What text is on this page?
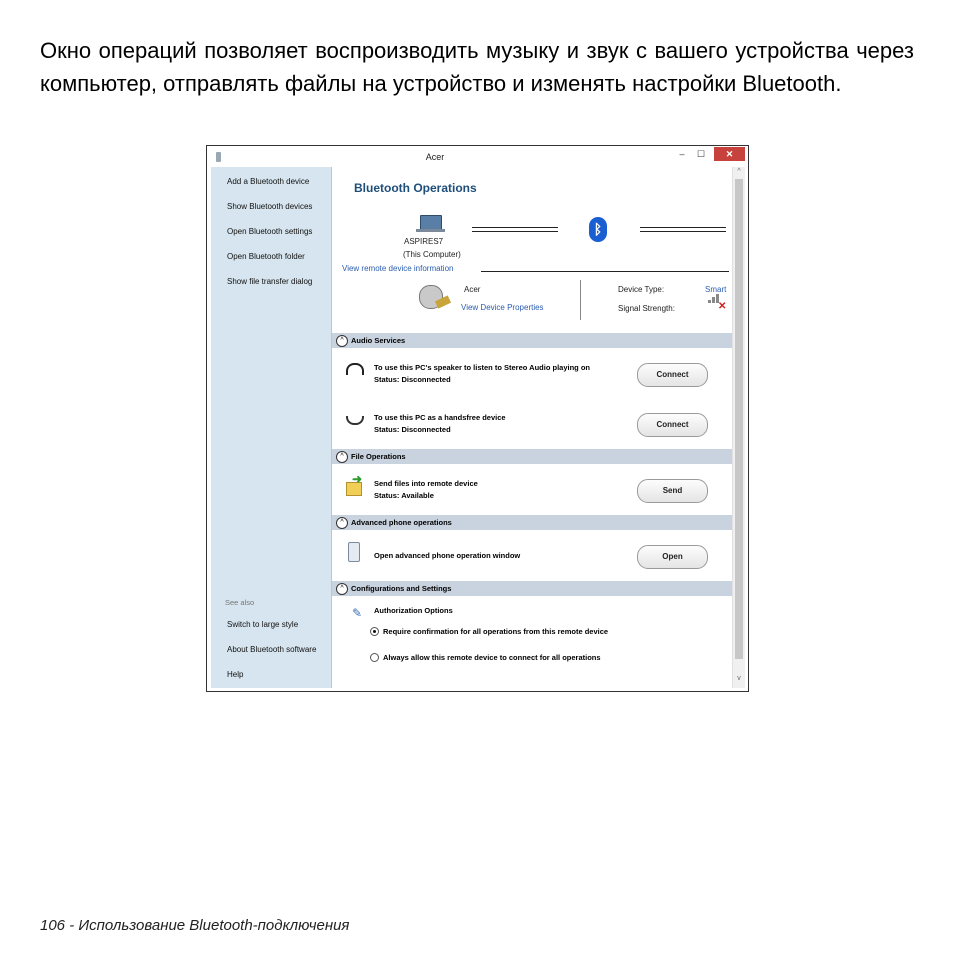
Окно операций позволяет воспроизводить музыку и звук с вашего устройства через компьютер, отправлять файлы на устройство и изменять настройки Bluetooth.

Acer	–	☐	✕
Add a Bluetooth device
Show Bluetooth devices
Open Bluetooth settings
Open Bluetooth folder
Show file transfer dialog
See also
Switch to large style
About Bluetooth software
Help
Bluetooth Operations
ASPIRES7
(This Computer)
ᛒ
View remote device information
Acer
View Device Properties
Device Type:	Smart
Signal Strength:	✕
^ Audio Services
To use this PC's speaker to listen to Stereo Audio playing on
Status: Disconnected
Connect
To use this PC as a handsfree device
Status: Disconnected
Connect
^ File Operations
➜ Send files into remote device
Status: Available
Send
^ Advanced phone operations
Open advanced phone operation window	Open
^ Configurations and Settings
✎ Authorization Options
Require confirmation for all operations from this remote device
Always allow this remote device to connect for all operations
^
v
106 - Использование Bluetooth-подключения
